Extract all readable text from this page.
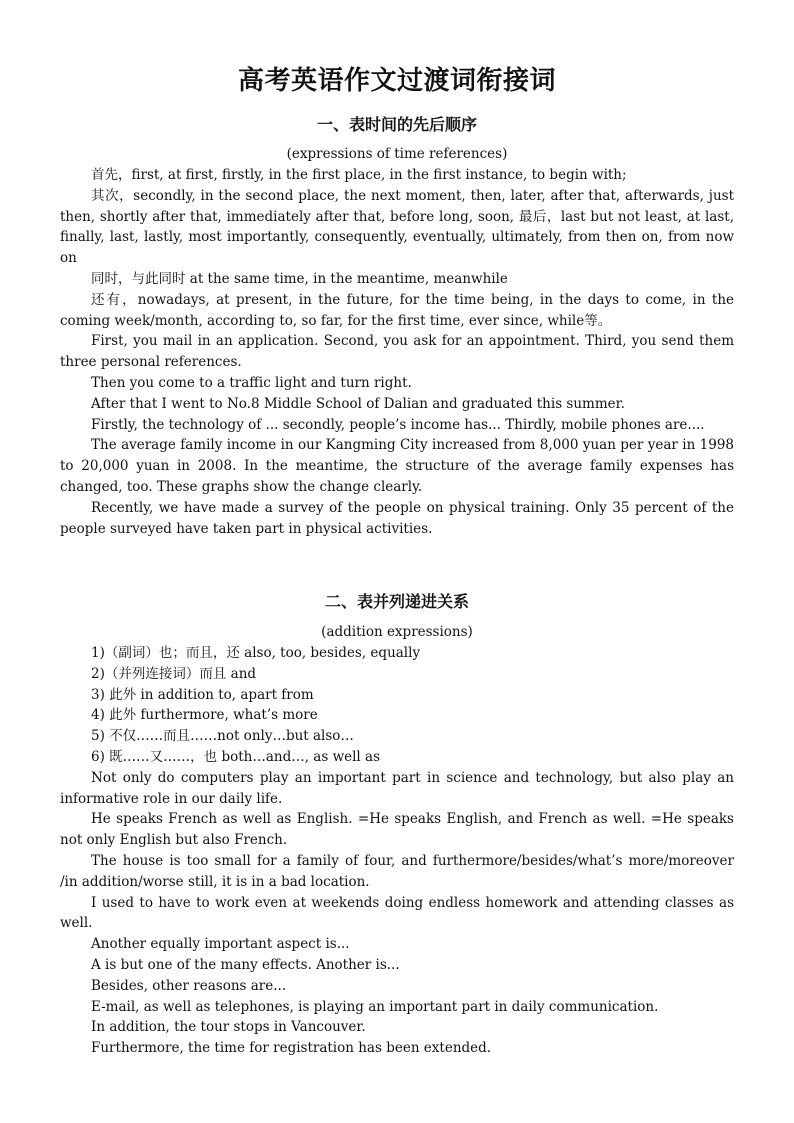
高考英语作文过渡词衔接词
一、表时间的先后顺序
(expressions of time references)

首先，first, at first, firstly, in the first place, in the first instance, to begin with;

其次，secondly, in the second place, the next moment, then, later, after that, afterwards, just then, shortly after that, immediately after that, before long, soon, 最后，last but not least, at last, finally, last, lastly, most importantly, consequently, eventually, ultimately, from then on, from now on

同时，与此同时 at the same time, in the meantime, meanwhile

还有，nowadays, at present, in the future, for the time being, in the days to come, in the coming week/month, according to, so far, for the first time, ever since, while等。

First, you mail in an application. Second, you ask for an appointment. Third, you send them three personal references.

Then you come to a traffic light and turn right.

After that I went to No.8 Middle School of Dalian and graduated this summer.

Firstly, the technology of ... secondly, people’s income has... Thirdly, mobile phones are....

The average family income in our Kangming City increased from 8,000 yuan per year in 1998 to 20,000 yuan in 2008. In the meantime, the structure of the average family expenses has changed, too. These graphs show the change clearly.

Recently, we have made a survey of the people on physical training. Only 35 percent of the people surveyed have taken part in physical activities.

二、表并列递进关系
(addition expressions)

1)（副词）也；而且，还 also, too, besides, equally

2)（并列连接词）而且 and

3) 此外 in addition to, apart from

4) 此外 furthermore, what’s more

5) 不仅……而且……not only…but also…

6) 既……又……，也 both…and…, as well as

Not only do computers play an important part in science and technology, but also play an informative role in our daily life.

He speaks French as well as English. =He speaks English, and French as well. =He speaks not only English but also French.

The house is too small for a family of four, and furthermore/besides/what’s more/moreover /in addition/worse still, it is in a bad location.

I used to have to work even at weekends doing endless homework and attending classes as well.

Another equally important aspect is...

A is but one of the many effects. Another is...

Besides, other reasons are...

E-mail, as well as telephones, is playing an important part in daily communication.

In addition, the tour stops in Vancouver.

Furthermore, the time for registration has been extended.
